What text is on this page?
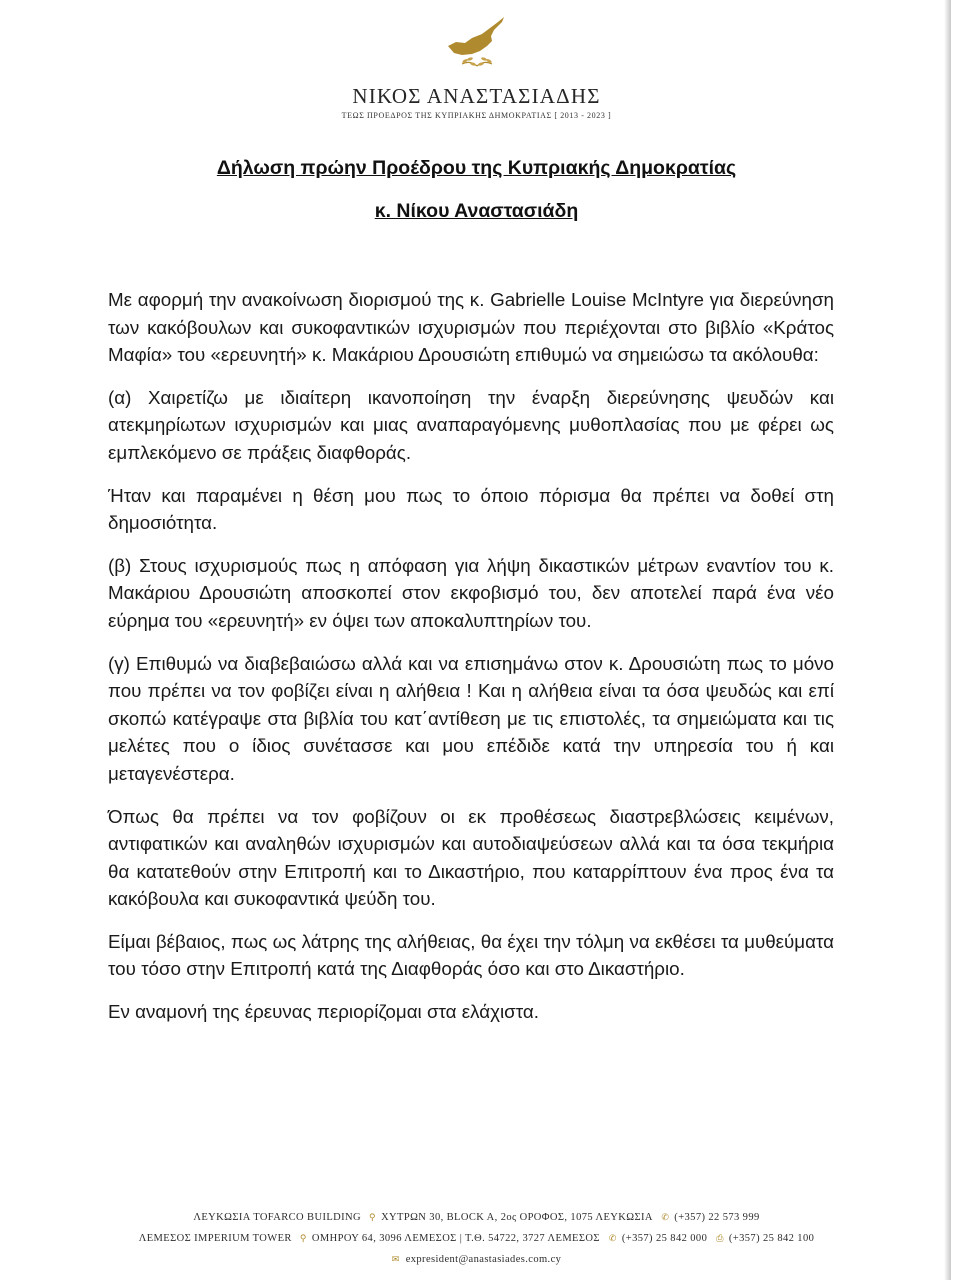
ΝΙΚΟΣ ΑΝΑΣΤΑΣΙΑΔΗΣ
ΤΕΩΣ ΠΡΟΕΔΡΟΣ ΤΗΣ ΚΥΠΡΙΑΚΗΣ ΔΗΜΟΚΡΑΤΙΑΣ [ 2013 - 2023 ]
Δήλωση πρώην Προέδρου της Κυπριακής Δημοκρατίας
κ. Νίκου Αναστασιάδη

Με αφορμή την ανακοίνωση διορισμού της κ. Gabrielle Louise McIntyre για διερεύνηση των κακόβουλων και συκοφαντικών ισχυρισμών που περιέχονται στο βιβλίο «Κράτος Μαφία» του «ερευνητή» κ. Μακάριου Δρουσιώτη επιθυμώ να σημειώσω τα ακόλουθα:

(α) Χαιρετίζω με ιδιαίτερη ικανοποίηση την έναρξη διερεύνησης ψευδών και ατεκμηρίωτων ισχυρισμών και μιας αναπαραγόμενης μυθοπλασίας που με φέρει ως εμπλεκόμενο σε πράξεις διαφθοράς.

Ήταν και παραμένει η θέση μου πως το όποιο πόρισμα θα πρέπει να δοθεί στη δημοσιότητα.

(β) Στους ισχυρισμούς πως η απόφαση για λήψη δικαστικών μέτρων εναντίον του κ. Μακάριου Δρουσιώτη αποσκοπεί στον εκφοβισμό του, δεν αποτελεί παρά ένα νέο εύρημα του «ερευνητή» εν όψει των αποκαλυπτηρίων του.

(γ) Επιθυμώ να διαβεβαιώσω αλλά και να επισημάνω στον κ. Δρουσιώτη πως το μόνο που πρέπει να τον φοβίζει είναι η αλήθεια ! Και η αλήθεια είναι τα όσα ψευδώς και επί σκοπώ κατέγραψε στα βιβλία του κατ΄αντίθεση με τις επιστολές, τα σημειώματα και τις μελέτες που ο ίδιος συνέτασσε και μου επέδιδε κατά την υπηρεσία του ή και μεταγενέστερα.

Όπως θα πρέπει να τον φοβίζουν οι εκ προθέσεως διαστρεβλώσεις κειμένων, αντιφατικών και αναληθών ισχυρισμών και αυτοδιαψεύσεων αλλά και τα όσα τεκμήρια θα κατατεθούν στην Επιτροπή και το Δικαστήριο, που καταρρίπτουν ένα προς ένα τα κακόβουλα και συκοφαντικά ψεύδη του.

Είμαι βέβαιος, πως ως λάτρης της αλήθειας, θα έχει την τόλμη να εκθέσει τα μυθεύματα του τόσο στην Επιτροπή κατά της Διαφθοράς όσο και στο Δικαστήριο.

Εν αναμονή της έρευνας περιορίζομαι στα ελάχιστα.

ΛΕΥΚΩΣΙΑ TOFARCO BUILDING ⚲ ΧΥΤΡΩΝ 30, BLOCK A, 2ος ΟΡΟΦΟΣ, 1075 ΛΕΥΚΩΣΙΑ ✆ (+357) 22 573 999
ΛΕΜΕΣΟΣ IMPERIUM TOWER ⚲ ΟΜΗΡΟΥ 64, 3096 ΛΕΜΕΣΟΣ | Τ.Θ. 54722, 3727 ΛΕΜΕΣΟΣ ✆ (+357) 25 842 000 ⎙ (+357) 25 842 100
✉ expresident@anastasiades.com.cy
